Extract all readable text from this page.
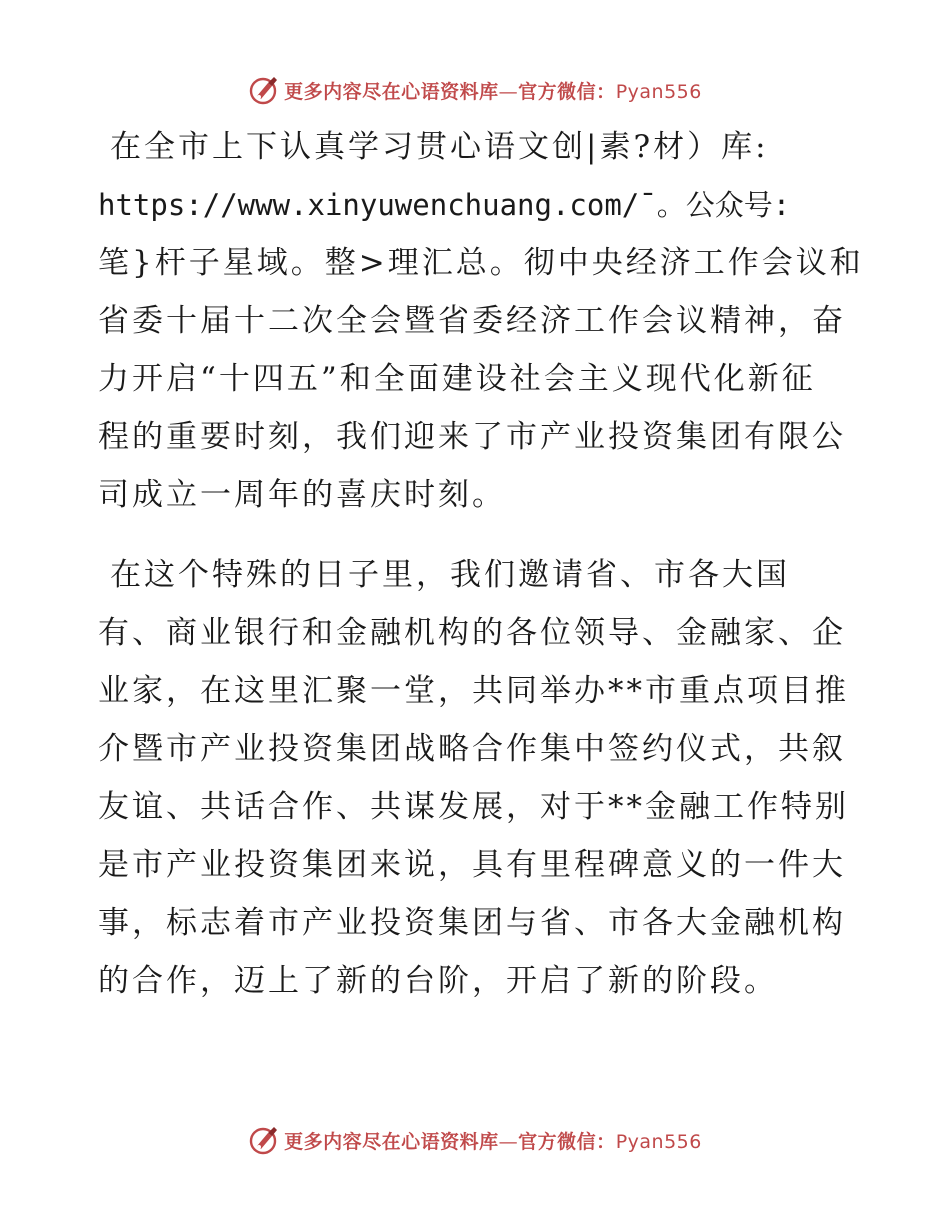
更多内容尽在心语资料库—官方微信：Pyan556
在全市上下认真学习贯心语文创|素?材）库:
https://www.xinyuwenchuang.com/¯。公众号:
笔}杆子星域。整>理汇总。彻中央经济工作会议和
省委十届十二次全会暨省委经济工作会议精神，奋
力开启“十四五”和全面建设社会主义现代化新征
程的重要时刻，我们迎来了市产业投资集团有限公
司成立一周年的喜庆时刻。
在这个特殊的日子里，我们邀请省、市各大国
有、商业银行和金融机构的各位领导、金融家、企
业家，在这里汇聚一堂，共同举办**市重点项目推
介暨市产业投资集团战略合作集中签约仪式，共叙
友谊、共话合作、共谋发展，对于**金融工作特别
是市产业投资集团来说，具有里程碑意义的一件大
事，标志着市产业投资集团与省、市各大金融机构
的合作，迈上了新的台阶，开启了新的阶段。
更多内容尽在心语资料库—官方微信：Pyan556
